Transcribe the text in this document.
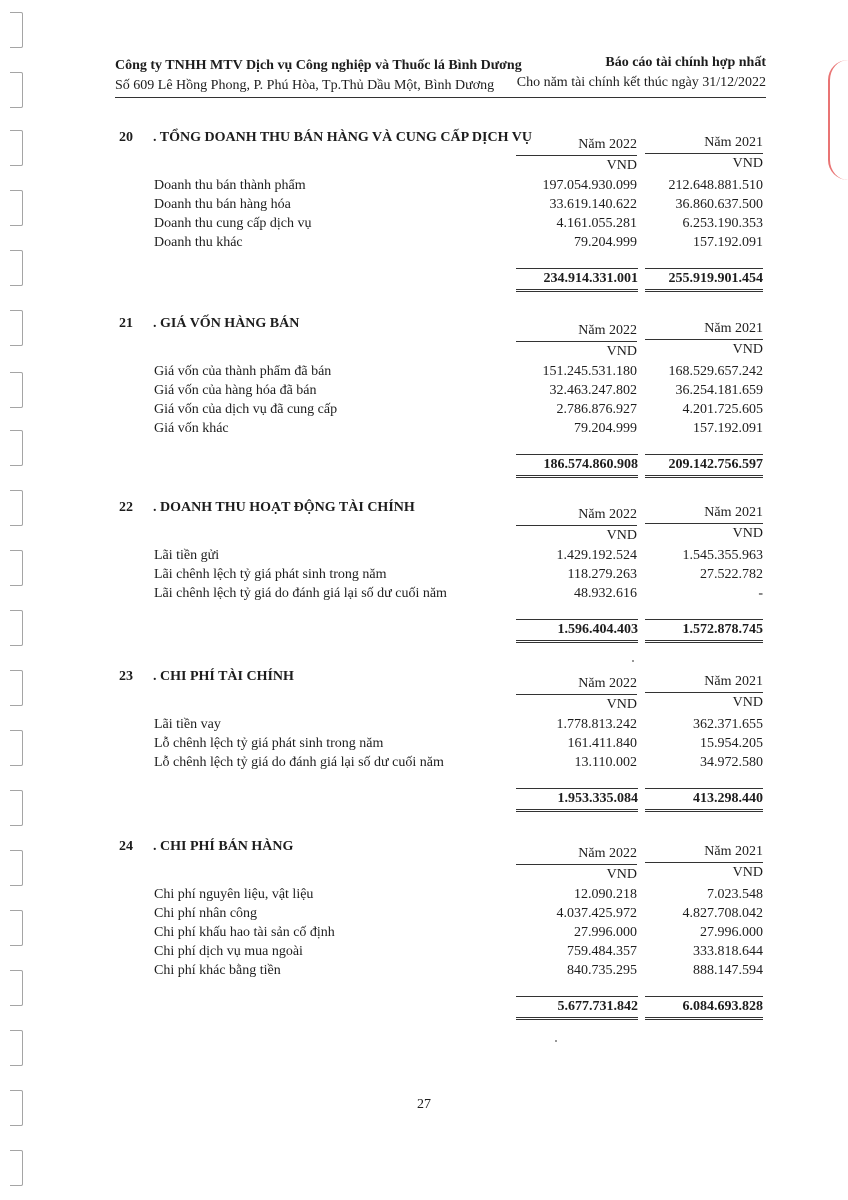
Công ty TNHH MTV Dịch vụ Công nghiệp và Thuốc lá Bình Dương
Số 609 Lê Hồng Phong, P. Phú Hòa, Tp.Thủ Dầu Một, Bình Dương
Báo cáo tài chính hợp nhất
Cho năm tài chính kết thúc ngày 31/12/2022
20 . TỔNG DOANH THU BÁN HÀNG VÀ CUNG CẤP DỊCH VỤ	Năm 2022
VND
Năm 2021
VND
Doanh thu bán thành phẩm	197.054.930.099 212.648.881.510
Doanh thu bán hàng hóa	33.619.140.622	36.860.637.500
Doanh thu cung cấp dịch vụ	4.161.055.281	6.253.190.353
Doanh thu khác	79.204.999	157.192.091
234.914.331.001	255.919.901.454
21 . GIÁ VỐN HÀNG BÁN	Năm 2022
VND
Năm 2021
VND
Giá vốn của thành phẩm đã bán	151.245.531.180 168.529.657.242
Giá vốn của hàng hóa đã bán	32.463.247.802	36.254.181.659
Giá vốn của dịch vụ đã cung cấp	2.786.876.927	4.201.725.605
Giá vốn khác	79.204.999	157.192.091
186.574.860.908	209.142.756.597
22 . DOANH THU HOẠT ĐỘNG TÀI CHÍNH	Năm 2022
VND
Năm 2021
VND
Lãi tiền gửi	1.429.192.524	1.545.355.963
Lãi chênh lệch tỷ giá phát sinh trong năm	118.279.263	27.522.782
Lãi chênh lệch tỷ giá do đánh giá lại số dư cuối năm	48.932.616	-
1.596.404.403	1.572.878.745
23 . CHI PHÍ TÀI CHÍNH	Năm 2022
VND
Năm 2021
VND
Lãi tiền vay	1.778.813.242	362.371.655
Lỗ chênh lệch tỷ giá phát sinh trong năm	161.411.840	15.954.205
Lỗ chênh lệch tỷ giá do đánh giá lại số dư cuối năm	13.110.002	34.972.580
1.953.335.084	413.298.440
24 . CHI PHÍ BÁN HÀNG	Năm 2022
VND
Năm 2021
VND
Chi phí nguyên liệu, vật liệu	12.090.218	7.023.548
Chi phí nhân công	4.037.425.972	4.827.708.042
Chi phí khấu hao tài sản cố định	27.996.000	27.996.000
Chi phí dịch vụ mua ngoài	759.484.357	333.818.644
Chi phí khác bằng tiền	840.735.295	888.147.594
5.677.731.842	6.084.693.828
27
